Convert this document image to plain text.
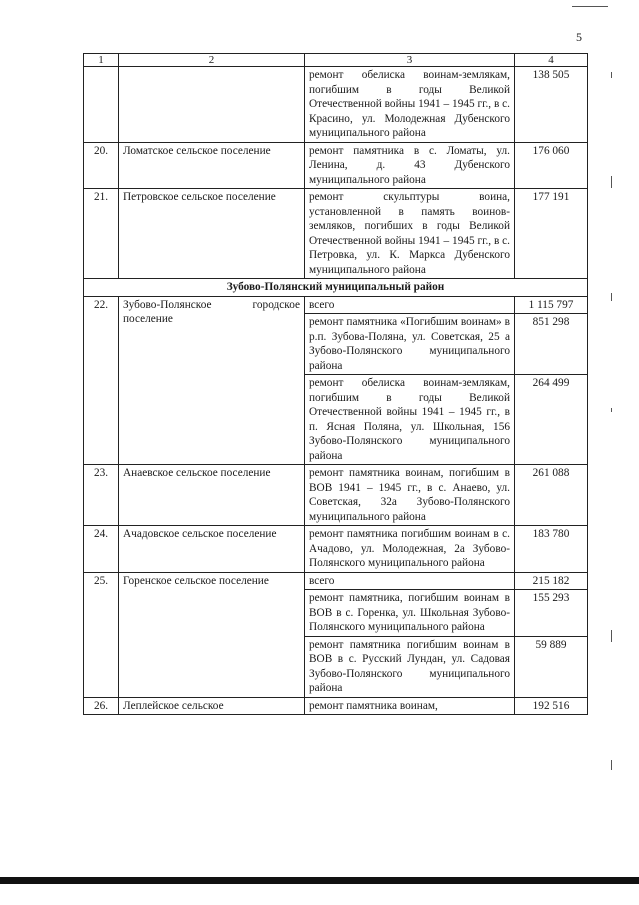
5
1	2	3	4
		ремонт обелиска воинам-землякам, погибшим в годы Великой Отечественной войны 1941 – 1945 гг., в с. Красино, ул. Молодежная Дубенского муниципального района	138 505
20.	Ломатское сельское поселение	ремонт памятника в с. Ломаты, ул. Ленина, д. 43 Дубенского муниципального района	176 060
21.	Петровское сельское поселение	ремонт скульптуры воина, установленной в память воинов-земляков, погибших в годы Великой Отечественной войны 1941 – 1945 гг., в с. Петровка, ул. К. Маркса Дубенского муниципального района	177 191
Зубово-Полянский муниципальный район			
22.	Зубово-Полянское городское поселение	всего	1 115 797
		ремонт памятника «Погибшим воинам» в р.п. Зубова-Поляна, ул. Советская, 25 а Зубово-Полянского муниципального района	851 298
		ремонт обелиска воинам-землякам, погибшим в годы Великой Отечественной войны 1941 – 1945 гг., в п. Ясная Поляна, ул. Школьная, 156 Зубово-Полянского муниципального района	264 499
23.	Анаевское сельское поселение	ремонт памятника воинам, погибшим в ВОВ 1941 – 1945 гг., в с. Анаево, ул. Советская, 32а Зубово-Полянского муниципального района	261 088
24.	Ачадовское сельское поселение	ремонт памятника погибшим воинам в с. Ачадово, ул. Молодежная, 2а Зубово-Полянского муниципального района	183 780
25.	Горенское сельское поселение	всего	215 182
		ремонт памятника, погибшим воинам в ВОВ в с. Горенка, ул. Школьная Зубово-Полянского муниципального района	155 293
		ремонт памятника погибшим воинам в ВОВ в с. Русский Лундан, ул. Садовая Зубово-Полянского муниципального района	59 889
26.	Леплейское сельское	ремонт памятника воинам,	192 516
